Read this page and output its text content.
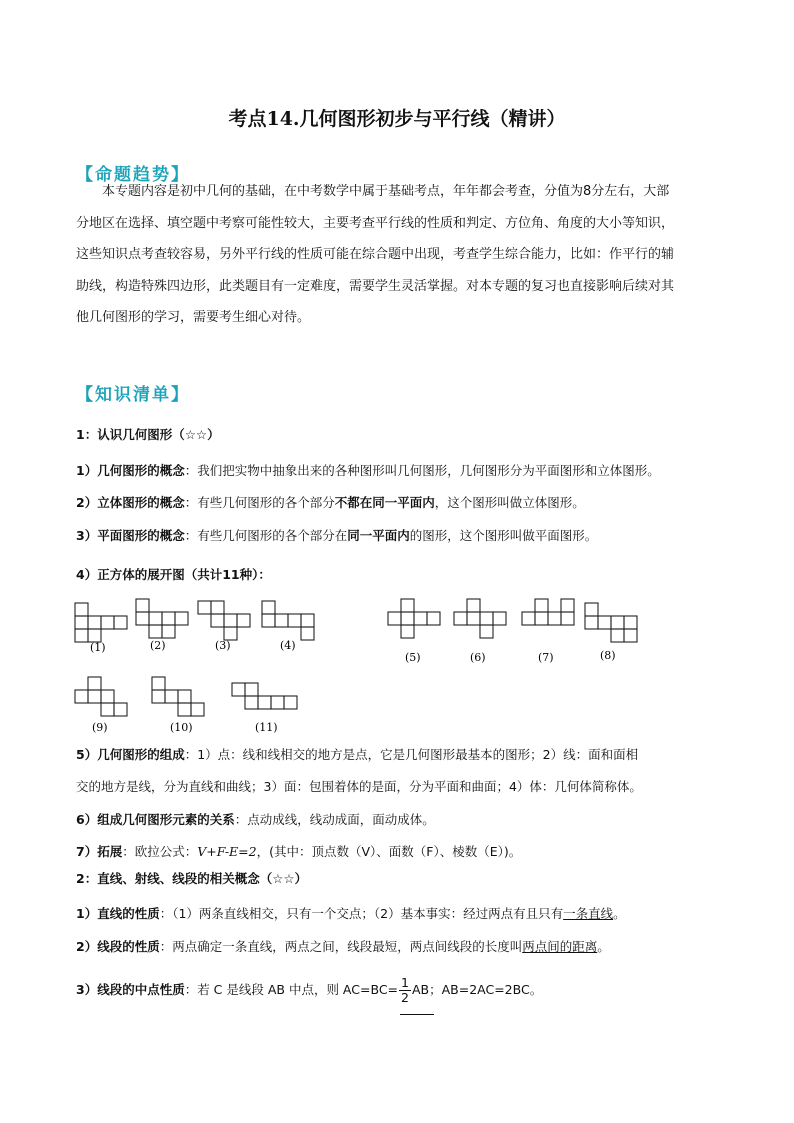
考点14.几何图形初步与平行线（精讲）
【命题趋势】
本专题内容是初中几何的基础，在中考数学中属于基础考点，年年都会考查，分值为8分左右，大部
分地区在选择、填空题中考察可能性较大，主要考查平行线的性质和判定、方位角、角度的大小等知识，
这些知识点考查较容易，另外平行线的性质可能在综合题中出现，考查学生综合能力，比如：作平行的辅
助线，构造特殊四边形，此类题目有一定难度，需要学生灵活掌握。对本专题的复习也直接影响后续对其
他几何图形的学习，需要考生细心对待。
【知识清单】
1：认识几何图形（☆☆）
1）几何图形的概念：我们把实物中抽象出来的各种图形叫几何图形，几何图形分为平面图形和立体图形。
2）立体图形的概念：有些几何图形的各个部分不都在同一平面内，这个图形叫做立体图形。
3）平面图形的概念：有些几何图形的各个部分在同一平面内的图形，这个图形叫做平面图形。
4）正方体的展开图（共计11种）：
(1)	(2)	(3)	(4)
(5)	(6)	(7)	(8)
(9)	(10)	(11)
5）几何图形的组成：1）点：线和线相交的地方是点，它是几何图形最基本的图形；2）线：面和面相
交的地方是线，分为直线和曲线；3）面：包围着体的是面，分为平面和曲面；4）体：几何体简称体。
6）组成几何图形元素的关系：点动成线，线动成面，面动成体。
7）拓展：欧拉公式：V+F-E=2，(其中：顶点数（V）、面数（F）、棱数（E）)。
2：直线、射线、线段的相关概念（☆☆）
1）直线的性质：（1）两条直线相交，只有一个交点；（2）基本事实：经过两点有且只有一条直线。
2）线段的性质：两点确定一条直线，两点之间，线段最短，两点间线段的长度叫两点间的距离。
3）线段的中点性质：若 C 是线段 AB 中点，则 $AC=BC= \frac{1}{2}$ AB；AB=2AC=2BC。
